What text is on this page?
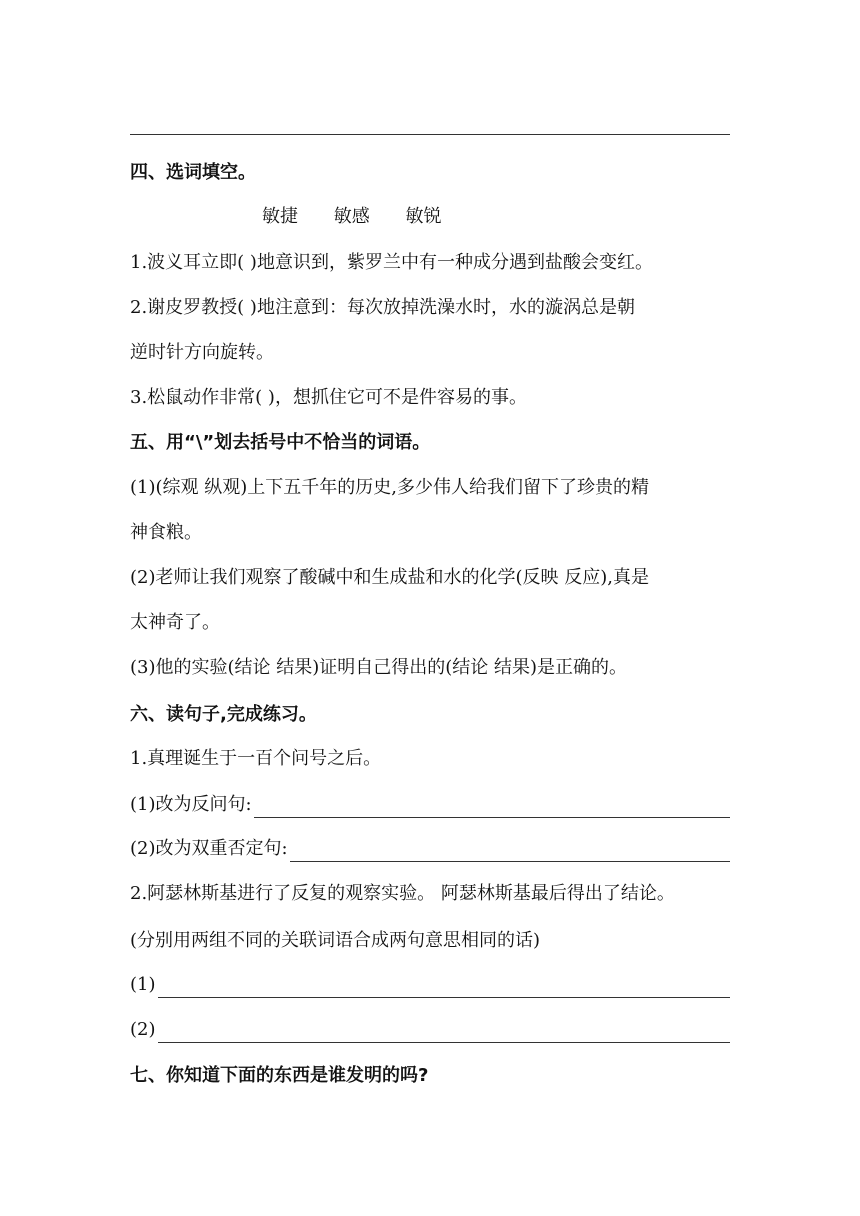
四、选词填空。
敏捷 敏感 敏锐
1.波义耳立即( )地意识到，紫罗兰中有一种成分遇到盐酸会变红。
2.谢皮罗教授( )地注意到：每次放掉洗澡水时，水的漩涡总是朝
逆时针方向旋转。
3.松鼠动作非常( )，想抓住它可不是件容易的事。
五、用“\”划去括号中不恰当的词语。
(1)(综观 纵观)上下五千年的历史,多少伟人给我们留下了珍贵的精
神食粮。
(2)老师让我们观察了酸碱中和生成盐和水的化学(反映 反应),真是
太神奇了。
(3)他的实验(结论 结果)证明自己得出的(结论 结果)是正确的。
六、读句子,完成练习。
1.真理诞生于一百个问号之后。
(1)改为反问句:
(2)改为双重否定句:
2.阿瑟林斯基进行了反复的观察实验。 阿瑟林斯基最后得出了结论。
(分别用两组不同的关联词语合成两句意思相同的话)
(1)
(2)
七、你知道下面的东西是谁发明的吗?
